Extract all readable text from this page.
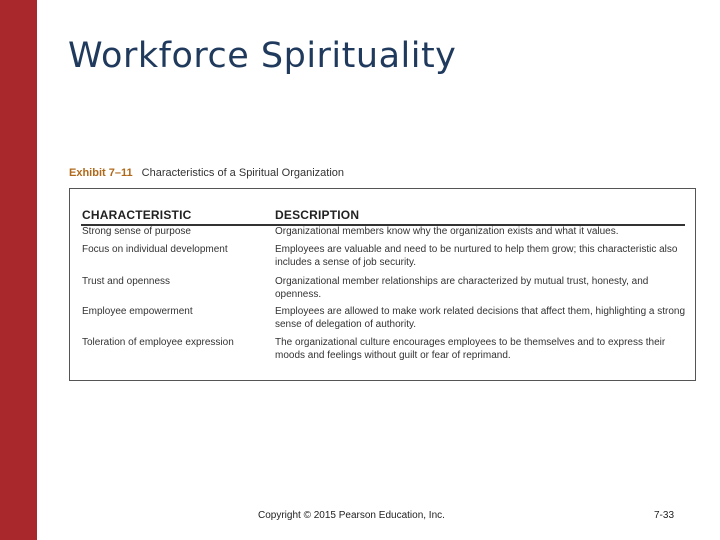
Workforce Spirituality
Exhibit 7–11 Characteristics of a Spiritual Organization
CHARACTERISTIC	DESCRIPTION
Strong sense of purpose	Organizational members know why the organization exists and what it values.
Focus on individual development	Employees are valuable and need to be nurtured to help them grow; this characteristic also includes a sense of job security.
Trust and openness	Organizational member relationships are characterized by mutual trust, honesty, and openness.
Employee empowerment	Employees are allowed to make work related decisions that affect them, highlighting a strong sense of delegation of authority.
Toleration of employee expression	The organizational culture encourages employees to be themselves and to express their moods and feelings without guilt or fear of reprimand.
Copyright © 2015 Pearson Education, Inc.	7-33
